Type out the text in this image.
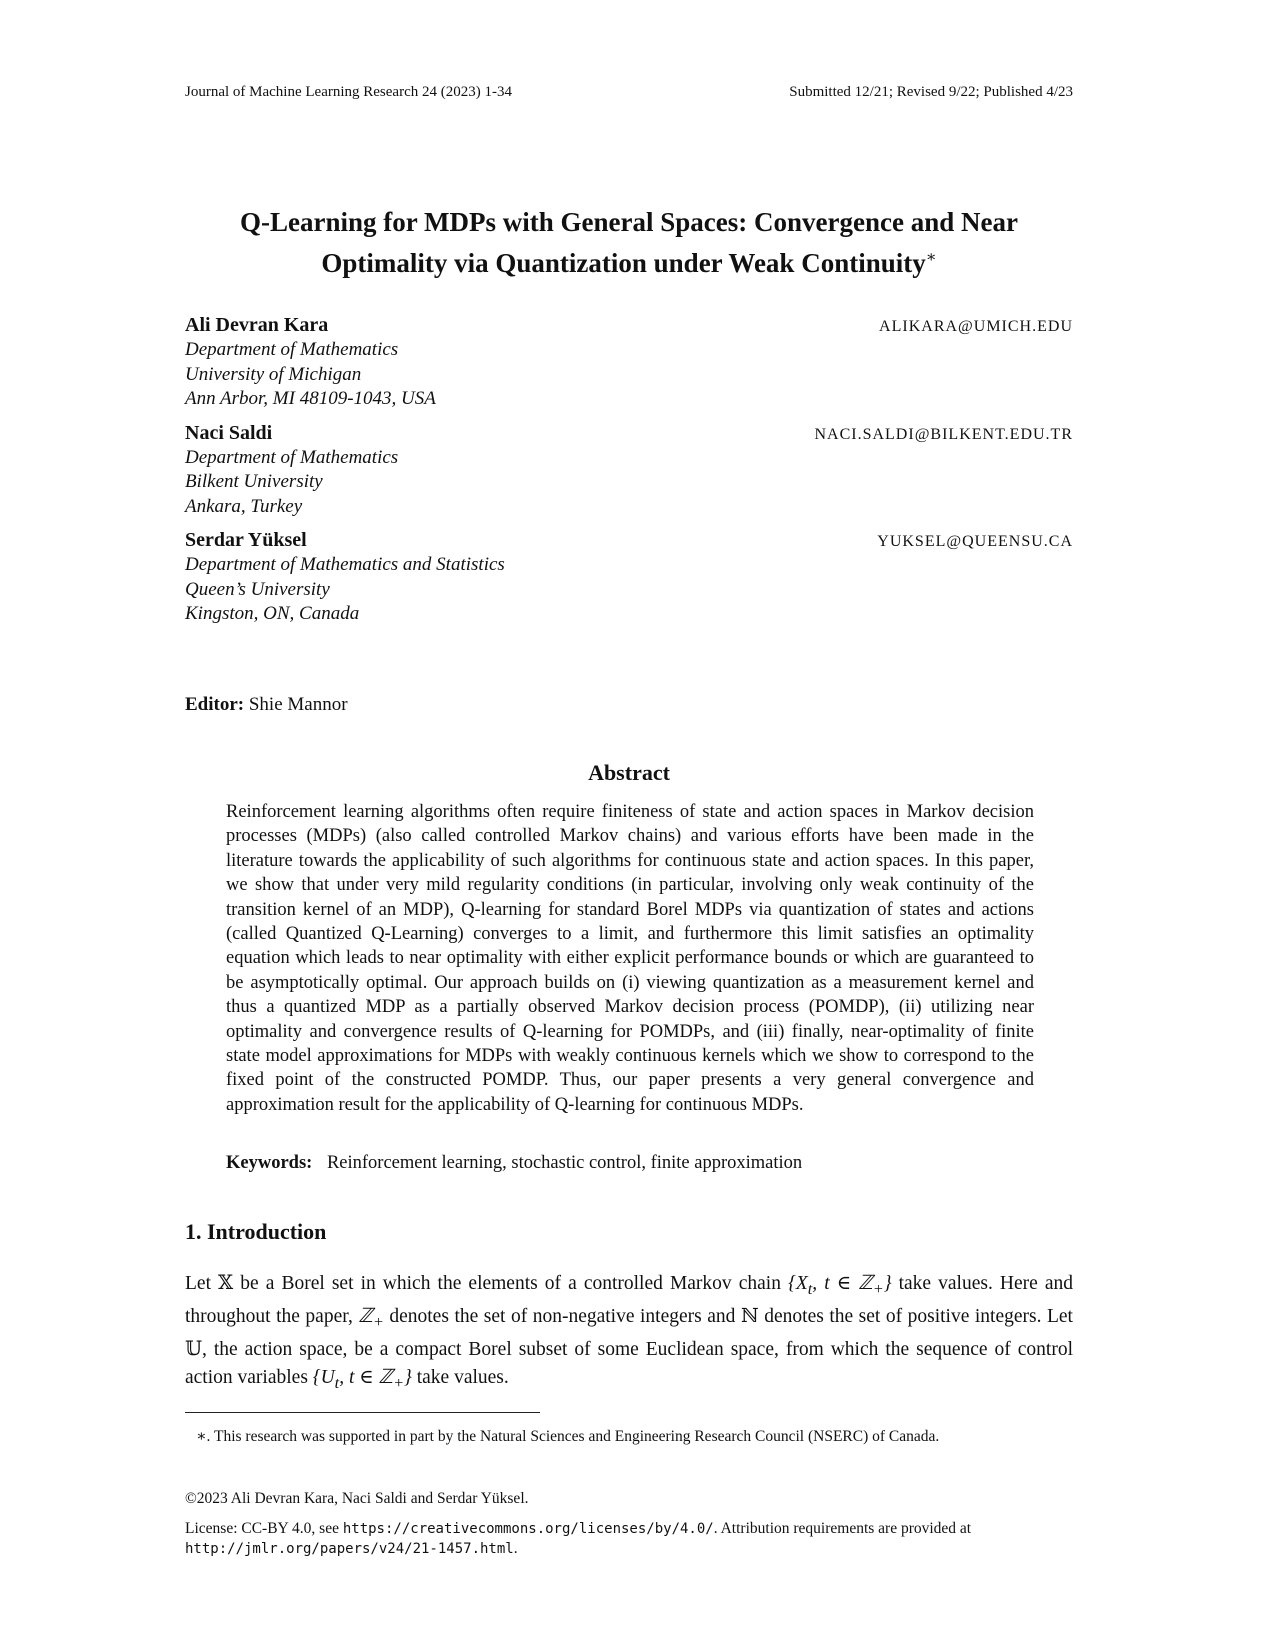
Journal of Machine Learning Research 24 (2023) 1-34	Submitted 12/21; Revised 9/22; Published 4/23
Q-Learning for MDPs with General Spaces: Convergence and Near
Optimality via Quantization under Weak Continuity∗
Ali Devran Kara	ALIKARA@UMICH.EDU
Department of Mathematics
University of Michigan
Ann Arbor, MI 48109-1043, USA
Naci Saldi	NACI.SALDI@BILKENT.EDU.TR
Department of Mathematics
Bilkent University
Ankara, Turkey
Serdar Yüksel	YUKSEL@QUEENSU.CA
Department of Mathematics and Statistics
Queen’s University
Kingston, ON, Canada
Editor: Shie Mannor
Abstract
Reinforcement learning algorithms often require finiteness of state and action spaces in Markov decision processes (MDPs) (also called controlled Markov chains) and various efforts have been made in the literature towards the applicability of such algorithms for continuous state and action spaces. In this paper, we show that under very mild regularity conditions (in particular, involving only weak continuity of the transition kernel of an MDP), Q-learning for standard Borel MDPs via quantization of states and actions (called Quantized Q-Learning) converges to a limit, and furthermore this limit satisfies an optimality equation which leads to near optimality with either explicit performance bounds or which are guaranteed to be asymptotically optimal. Our approach builds on (i) viewing quantization as a measurement kernel and thus a quantized MDP as a partially observed Markov decision process (POMDP), (ii) utilizing near optimality and convergence results of Q-learning for POMDPs, and (iii) finally, near-optimality of finite state model approximations for MDPs with weakly continuous kernels which we show to correspond to the fixed point of the constructed POMDP. Thus, our paper presents a very general convergence and approximation result for the applicability of Q-learning for continuous MDPs.
Keywords: Reinforcement learning, stochastic control, finite approximation
1. Introduction
Let 𝕏 be a Borel set in which the elements of a controlled Markov chain {$X_t$, t ∈ ℤ$_+$} take values. Here and throughout the paper, ℤ$_+$ denotes the set of non-negative integers and ℕ denotes the set of positive integers. Let 𝕌, the action space, be a compact Borel subset of some Euclidean space, from which the sequence of control action variables {$U_t$, t ∈ ℤ$_+$} take values.
∗. This research was supported in part by the Natural Sciences and Engineering Research Council (NSERC) of Canada.
©2023 Ali Devran Kara, Naci Saldi and Serdar Yüksel.
License: CC-BY 4.0, see https://creativecommons.org/licenses/by/4.0/. Attribution requirements are provided at http://jmlr.org/papers/v24/21-1457.html.
